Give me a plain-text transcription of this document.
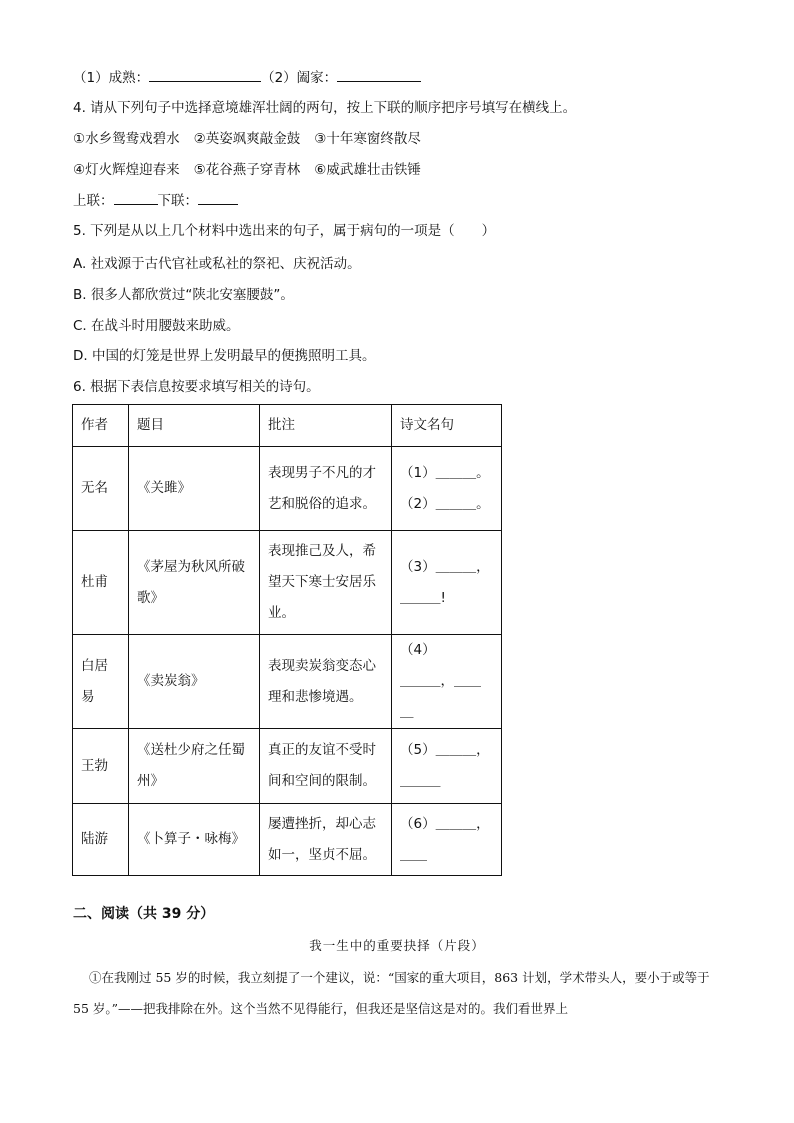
（1）成熟：	（2）阖家：
4. 请从下列句子中选择意境雄浑壮阔的两句，按上下联的顺序把序号填写在横线上。
①水乡鸳鸯戏碧水 ②英姿飒爽敲金鼓 ③十年寒窗终散尽
④灯火辉煌迎春来 ⑤花谷燕子穿青林 ⑥威武雄壮击铁锤
上联：	下联：
5. 下列是从以上几个材料中选出来的句子，属于病句的一项是（　　）
A. 社戏源于古代官社或私社的祭祀、庆祝活动。
B. 很多人都欣赏过“陕北安塞腰鼓”。
C. 在战斗时用腰鼓来助威。
D. 中国的灯笼是世界上发明最早的便携照明工具。
6. 根据下表信息按要求填写相关的诗句。
作者	题目	批注	诗文名句
无名	《关雎》	表现男子不凡的才艺和脱俗的追求。	（1）＿＿＿。
（2）＿＿＿。

杜甫	《茅屋为秋风所破歌》	表现推己及人，希望天下寒士安居乐业。	（3）＿＿＿，
＿＿＿!

白居易	《卖炭翁》	表现卖炭翁变态心理和悲惨境遇。	（4）
＿＿＿，＿＿＿

王勃	《送杜少府之任蜀州》	真正的友谊不受时间和空间的限制。	（5）＿＿＿，
＿＿＿

陆游	《卜算子・咏梅》	屡遭挫折，却心志如一，坚贞不屈。	（6）＿＿＿，
＿＿
二、阅读（共 39 分）
我一生中的重要抉择（片段）
①在我刚过 55 岁的时候，我立刻提了一个建议，说：“国家的重大项目，863 计划，学术带头人，要小于或等于 55 岁。”——把我排除在外。这个当然不见得能行，但我还是坚信这是对的。我们看世界上
